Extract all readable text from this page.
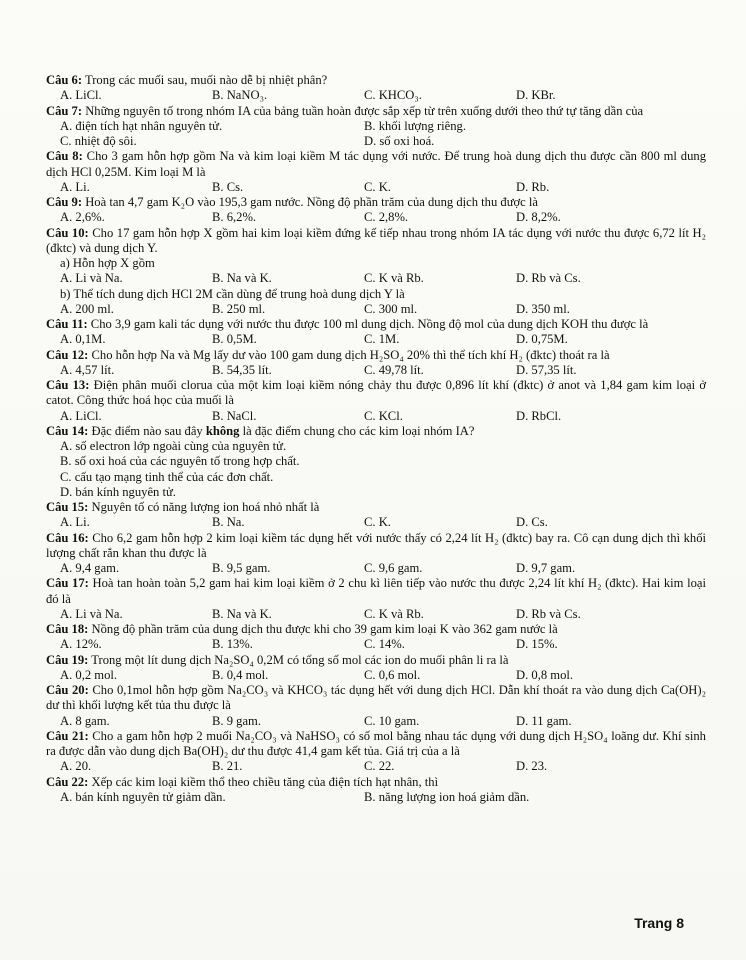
Câu 6: Trong các muối sau, muối nào dễ bị nhiệt phân?
A. LiCl.	B. NaNO₃.	C. KHCO₃.	D. KBr.
Câu 7: Những nguyên tố trong nhóm IA của bảng tuần hoàn được sắp xếp từ trên xuống dưới theo thứ tự tăng dần của
A. điện tích hạt nhân nguyên tử.	B. khối lượng riêng.
C. nhiệt độ sôi.	D. số oxi hoá.
Câu 8: Cho 3 gam hỗn hợp gồm Na và kim loại kiềm M tác dụng với nước. Để trung hoà dung dịch thu được cần 800 ml dung dịch HCl 0,25M. Kim loại M là
A. Li.	B. Cs.	C. K.	D. Rb.
Câu 9: Hoà tan 4,7 gam K₂O vào 195,3 gam nước. Nồng độ phần trăm của dung dịch thu được là
A. 2,6%.	B. 6,2%.	C. 2,8%.	D. 8,2%.
Câu 10: Cho 17 gam hỗn hợp X gồm hai kim loại kiềm đứng kế tiếp nhau trong nhóm IA tác dụng với nước thu được 6,72 lít H₂ (đktc) và dung dịch Y.
a) Hỗn hợp X gồm
A. Li và Na.	B. Na và K.	C. K và Rb.	D. Rb và Cs.
b) Thể tích dung dịch HCl 2M cần dùng để trung hoà dung dịch Y là
A. 200 ml.	B. 250 ml.	C. 300 ml.	D. 350 ml.
Câu 11: Cho 3,9 gam kali tác dụng với nước thu được 100 ml dung dịch. Nồng độ mol của dung dịch KOH thu được là
A. 0,1M.	B. 0,5M.	C. 1M.	D. 0,75M.
Câu 12: Cho hỗn hợp Na và Mg lấy dư vào 100 gam dung dịch H₂SO₄ 20% thì thể tích khí H₂ (đktc) thoát ra là
A. 4,57 lít.	B. 54,35 lít.	C. 49,78 lít.	D. 57,35 lít.
Câu 13: Điện phân muối clorua của một kim loại kiềm nóng chảy thu được 0,896 lít khí (đktc) ở anot và 1,84 gam kim loại ở catot. Công thức hoá học của muối là
A. LiCl.	B. NaCl.	C. KCl.	D. RbCl.
Câu 14: Đặc điểm nào sau đây không là đặc điểm chung cho các kim loại nhóm IA?
A. số electron lớp ngoài cùng của nguyên tử.
B. số oxi hoá của các nguyên tố trong hợp chất.
C. cấu tạo mạng tinh thể của các đơn chất.
D. bán kính nguyên tử.
Câu 15: Nguyên tố có năng lượng ion hoá nhỏ nhất là
A. Li.	B. Na.	C. K.	D. Cs.
Câu 16: Cho 6,2 gam hỗn hợp 2 kim loại kiềm tác dụng hết với nước thấy có 2,24 lít H₂ (đktc) bay ra. Cô cạn dung dịch thì khối lượng chất rắn khan thu được là
A. 9,4 gam.	B. 9,5 gam.	C. 9,6 gam.	D. 9,7 gam.
Câu 17: Hoà tan hoàn toàn 5,2 gam hai kim loại kiềm ở 2 chu kì liên tiếp vào nước thu được 2,24 lít khí H₂ (đktc). Hai kim loại đó là
A. Li và Na.	B. Na và K.	C. K và Rb.	D. Rb và Cs.
Câu 18: Nồng độ phần trăm của dung dịch thu được khi cho 39 gam kim loại K vào 362 gam nước là
A. 12%.	B. 13%.	C. 14%.	D. 15%.
Câu 19: Trong một lít dung dịch Na₂SO₄ 0,2M có tổng số mol các ion do muối phân li ra là
A. 0,2 mol.	B. 0,4 mol.	C. 0,6 mol.	D. 0,8 mol.
Câu 20: Cho 0,1mol hỗn hợp gồm Na₂CO₃ và KHCO₃ tác dụng hết với dung dịch HCl. Dẫn khí thoát ra vào dung dịch Ca(OH)₂ dư thì khối lượng kết tủa thu được là
A. 8 gam.	B. 9 gam.	C. 10 gam.	D. 11 gam.
Câu 21: Cho a gam hỗn hợp 2 muối Na₂CO₃ và NaHSO₃ có số mol bằng nhau tác dụng với dung dịch H₂SO₄ loãng dư. Khí sinh ra được dẫn vào dung dịch Ba(OH)₂ dư thu được 41,4 gam kết tủa. Giá trị của a là
A. 20.	B. 21.	C. 22.	D. 23.
Câu 22: Xếp các kim loại kiềm thổ theo chiều tăng của điện tích hạt nhân, thì
A. bán kính nguyên tử giảm dần.	B. năng lượng ion hoá giảm dần.
Trang 8
